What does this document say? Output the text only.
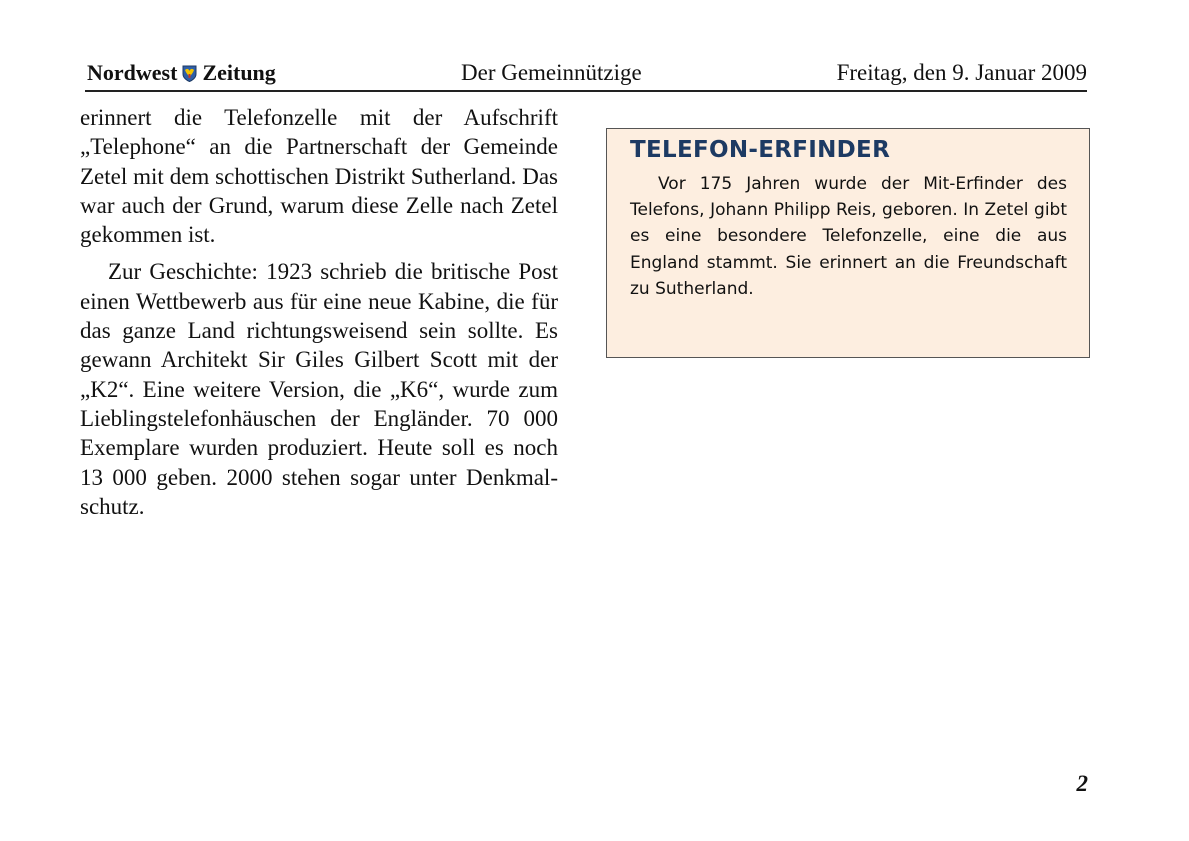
Nordwest Zeitung	Der Gemeinnützige	Freitag, den 9. Januar 2009

erinnert die Telefonzelle mit der Aufschrift „Telephone“ an die Partnerschaft der Gemeinde Zetel mit dem schottischen Distrikt Sutherland. Das war auch der Grund, warum diese Zelle nach Zetel gekommen ist.

Zur Geschichte: 1923 schrieb die britische Post einen Wettbewerb aus für eine neue Kabine, die für das ganze Land richtungsweisend sein sollte. Es gewann Architekt Sir Giles Gilbert Scott mit der „K2“. Eine weitere Version, die „K6“, wurde zum Lieblingstelefonhäuschen der Engländer. 70 000 Exemplare wurden produziert. Heute soll es noch 13 000 geben. 2000 stehen sogar unter Denkmalschutz.

TELEFON-ERFINDER

Vor 175 Jahren wurde der Mit-Erfinder des Telefons, Johann Philipp Reis, geboren. In Zetel gibt es eine besondere Telefonzelle, eine die aus England stammt. Sie erinnert an die Freundschaft zu Sutherland.

2
